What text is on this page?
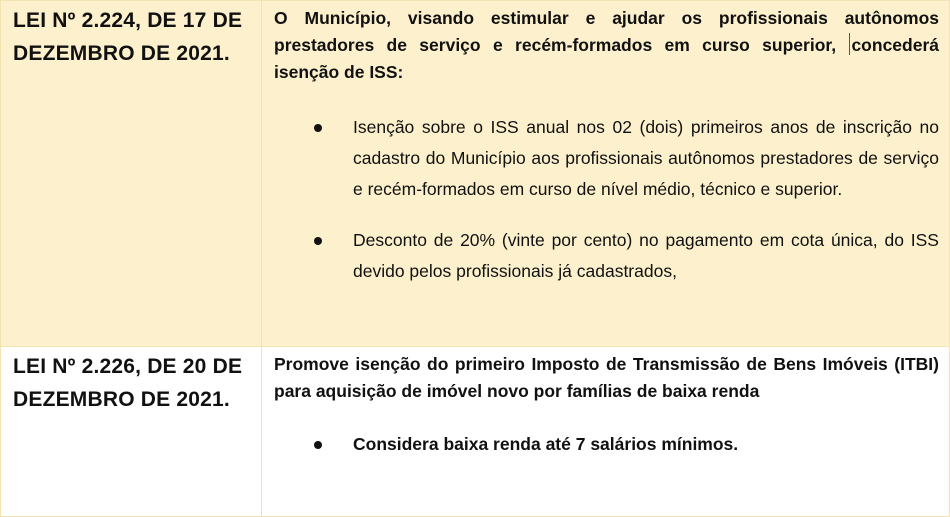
LEI Nº 2.224, DE 17 DE DEZEMBRO DE 2021.

O Município, visando estimular e ajudar os profissionais autônomos prestadores de serviço e recém-formados em curso superior, concederá isenção de ISS:

Isenção sobre o ISS anual nos 02 (dois) primeiros anos de inscrição no cadastro do Município aos profissionais autônomos prestadores de serviço e recém-formados em curso de nível médio, técnico e superior.
Desconto de 20% (vinte por cento) no pagamento em cota única, do ISS devido pelos profissionais já cadastrados,
LEI Nº 2.226, DE 20 DE DEZEMBRO DE 2021.

Promove isenção do primeiro Imposto de Transmissão de Bens Imóveis (ITBI) para aquisição de imóvel novo por famílias de baixa renda

Considera baixa renda até 7 salários mínimos.
